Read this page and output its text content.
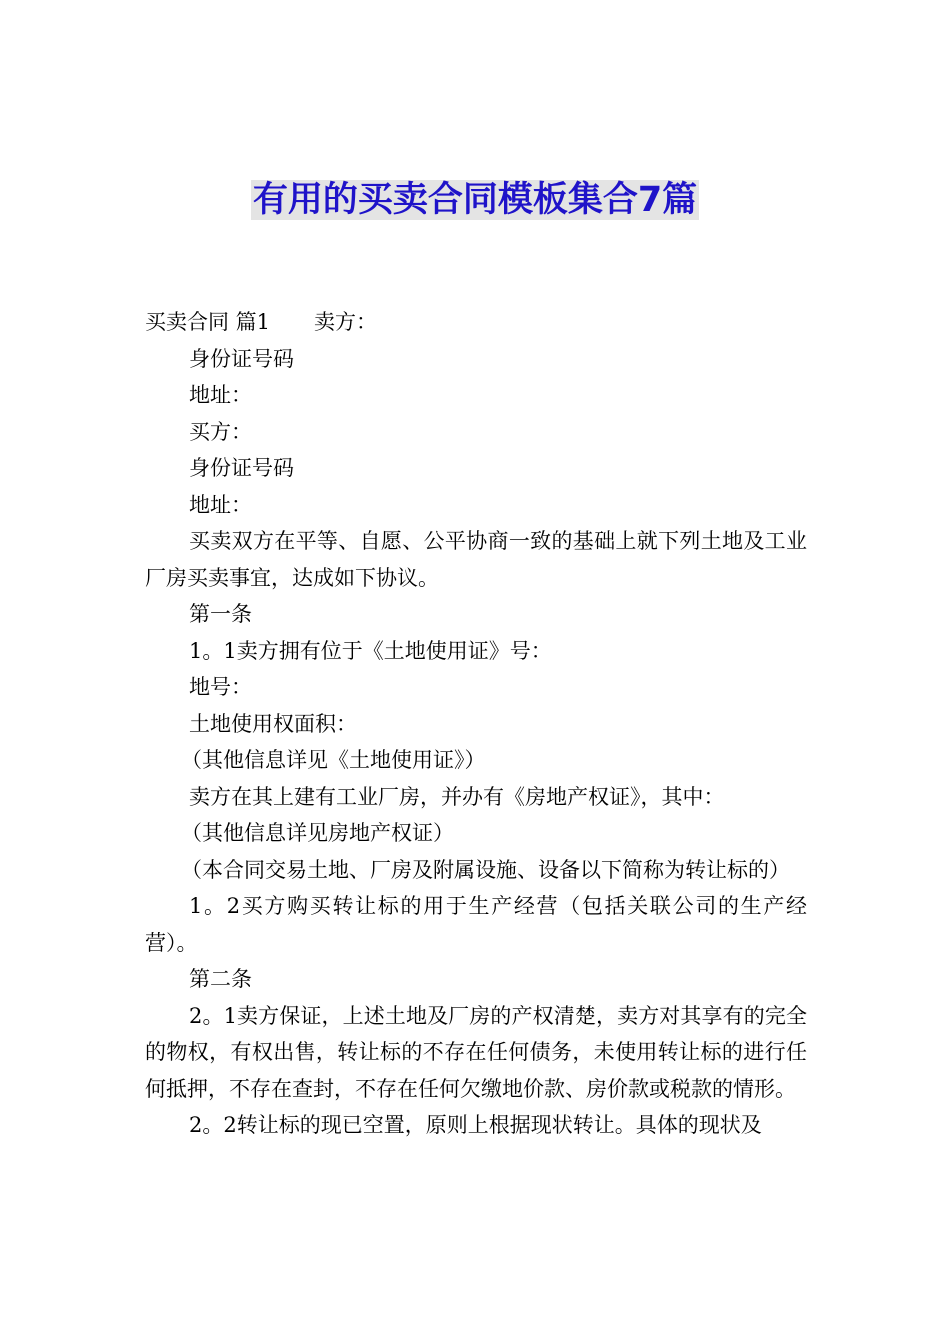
有用的买卖合同模板集合7篇

买卖合同 篇1 卖方：

身份证号码

地址：

买方：

身份证号码

地址：

买卖双方在平等、自愿、公平协商一致的基础上就下列土地及工业厂房买卖事宜，达成如下协议。

第一条

1。1卖方拥有位于《土地使用证》号：

地号：

土地使用权面积：

（其他信息详见《土地使用证》）

卖方在其上建有工业厂房，并办有《房地产权证》，其中：

（其他信息详见房地产权证）

（本合同交易土地、厂房及附属设施、设备以下简称为转让标的）

1。2买方购买转让标的用于生产经营（包括关联公司的生产经营）。

第二条

2。1卖方保证，上述土地及厂房的产权清楚，卖方对其享有的完全的物权，有权出售，转让标的不存在任何债务，未使用转让标的进行任何抵押，不存在查封，不存在任何欠缴地价款、房价款或税款的情形。

2。2转让标的现已空置，原则上根据现状转让。具体的现状及
